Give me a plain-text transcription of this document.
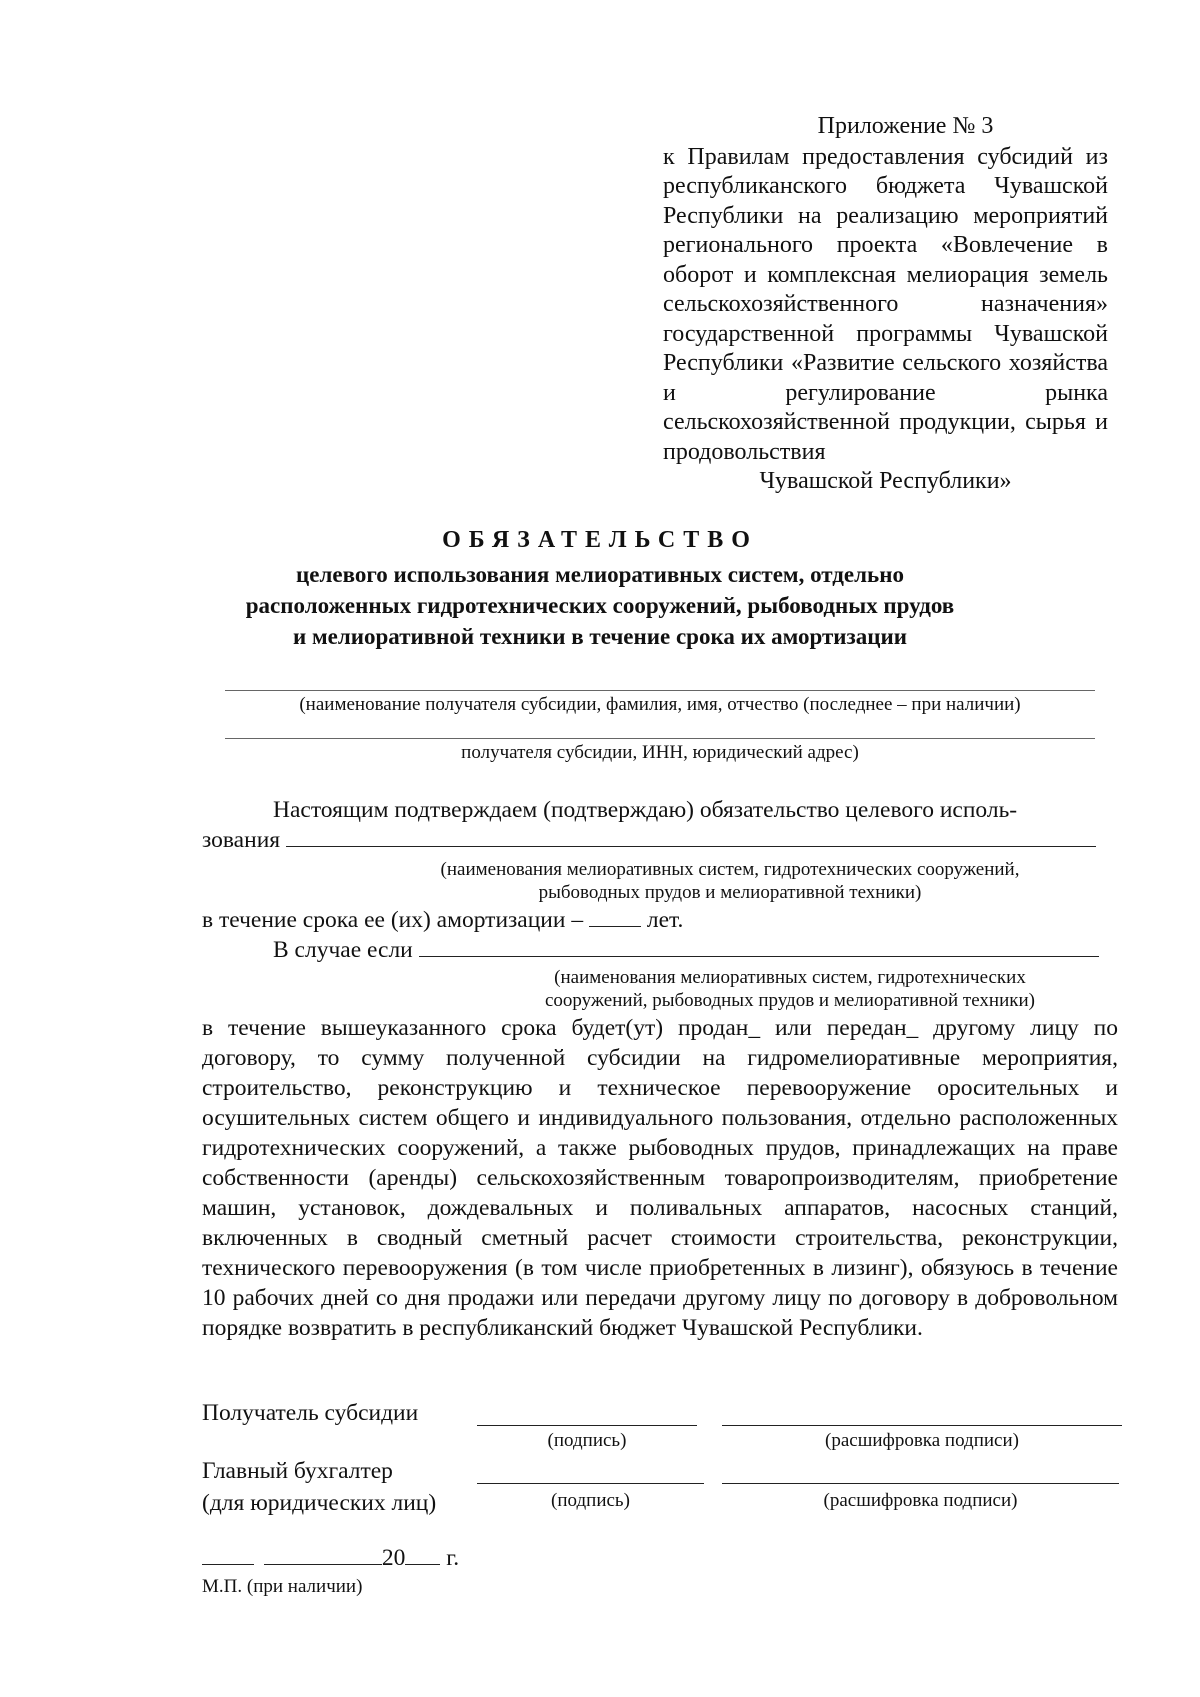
Приложение № 3
к Правилам предоставления субсидий из республиканского бюджета Чувашской Республики на реализацию мероприятий регионального проекта «Вовлечение в оборот и комплексная мелиорация земель сельскохозяйственного назначения» государственной программы Чувашской Республики «Развитие сельского хозяйства и регулирование рынка сельскохозяйственной продукции, сырья и продовольствия
Чувашской Республики»
ОБЯЗАТЕЛЬСТВО
целевого использования мелиоративных систем, отдельно
расположенных гидротехнических сооружений, рыбоводных прудов
и мелиоративной техники в течение срока их амортизации
(наименование получателя субсидии, фамилия, имя, отчество (последнее – при наличии)
получателя субсидии, ИНН, юридический адрес)
Настоящим подтверждаем (подтверждаю) обязательство целевого исполь-
зования
(наименования мелиоративных систем, гидротехнических сооружений,
рыбоводных прудов и мелиоративной техники)
в течение срока ее (их) амортизации –	лет.
В случае если
(наименования мелиоративных систем, гидротехнических
сооружений, рыбоводных прудов и мелиоративной техники)
в течение вышеуказанного срока будет(ут) продан_ или передан_ другому лицу по договору, то сумму полученной субсидии на гидромелиоративные мероприятия, строительство, реконструкцию и техническое перевооружение оросительных и осушительных систем общего и индивидуального пользования, отдельно расположенных гидротехнических сооружений, а также рыбоводных прудов, принадлежащих на праве собственности (аренды) сельскохозяйственным товаропроизводителям, приобретение машин, установок, дождевальных и поливальных аппаратов, насосных станций, включенных в сводный сметный расчет стоимости строительства, реконструкции, технического перевооружения (в том числе приобретенных в лизинг), обязуюсь в течение 10 рабочих дней со дня продажи или передачи другому лицу по договору в добровольном порядке возвратить в республиканский бюджет Чувашской Республики.
Получатель субсидии
(подпись)	(расшифровка подписи)
Главный бухгалтер
(для юридических лиц)	(подпись)	(расшифровка подписи)
20 г.
М.П. (при наличии)
